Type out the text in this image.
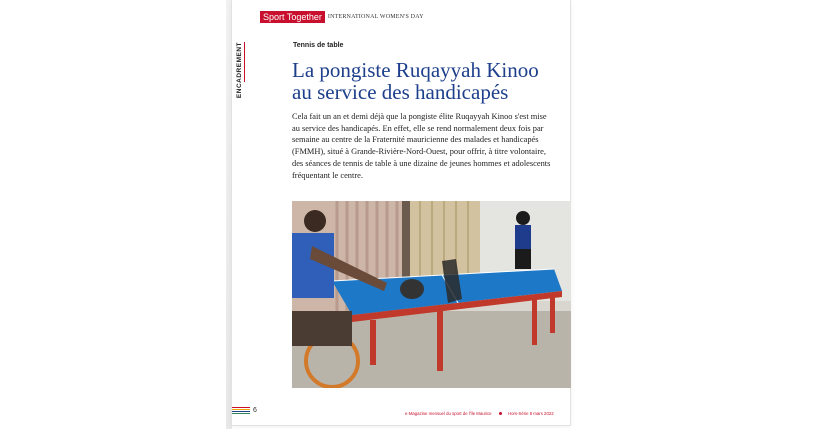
Sport Together	INTERNATIONAL WOMEN'S DAY
ENCADREMENT	Tennis de table
La pongiste Ruqayyah Kinoo au service des handicapés
Cela fait un an et demi déjà que la pongiste élite Ruqayyah Kinoo s'est mise au service des handicapés. En effet, elle se rend normalement deux fois par semaine au centre de la Fraternité mauricienne des malades et handicapés (FMMH), situé à Grande-Rivière-Nord-Ouest, pour offrir, à titre volontaire, des séances de tennis de table à une dizaine de jeunes hommes et adolescents fréquentant le centre.
6	e-Magazine mensuel du sport de l'île Maurice	Hors-Série 8 mars 2022
